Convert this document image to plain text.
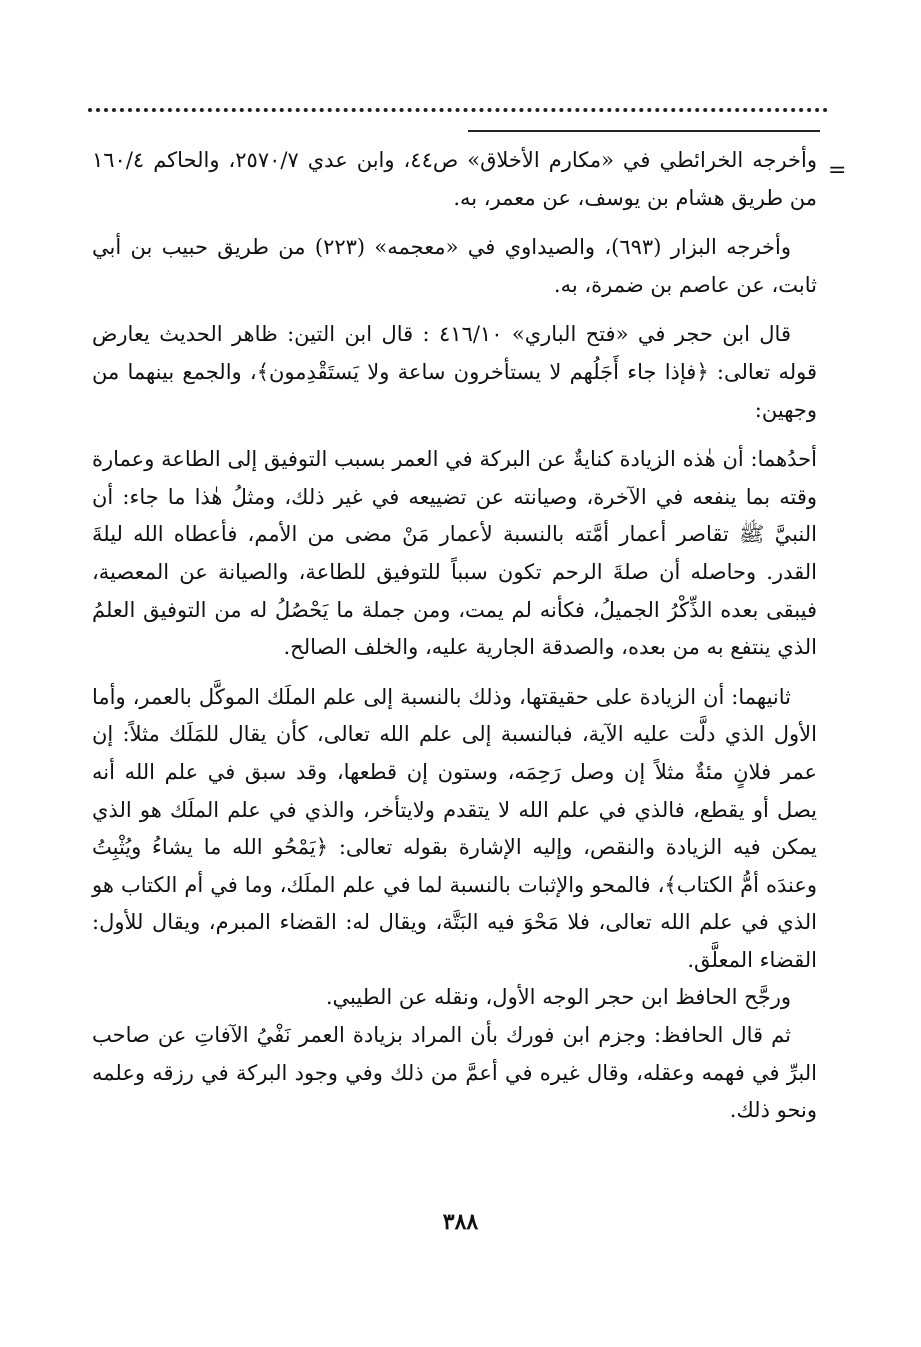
=

وأخرجه الخرائطي في «مكارم الأخلاق» ص٤٤، وابن عدي ٢٥٧٠/٧، والحاكم ١٦٠/٤ من طريق هشام بن يوسف، عن معمر، به.

وأخرجه البزار (٦٩٣)، والصيداوي في «معجمه» (٢٢٣) من طريق حبيب بن أبي ثابت، عن عاصم بن ضمرة، به.

قال ابن حجر في «فتح الباري» ٤١٦/١٠ : قال ابن التين: ظاهر الحديث يعارض قوله تعالى: ﴿فإذا جاء أَجَلُهم لا يستأخرون ساعة ولا يَستَقْدِمون﴾، والجمع بينهما من وجهين:

أحدُهما: أن هٰذه الزيادة كنايةٌ عن البركة في العمر بسبب التوفيق إلى الطاعة وعمارة وقته بما ينفعه في الآخرة، وصيانته عن تضييعه في غير ذلك، ومثلُ هٰذا ما جاء: أن النبيَّ ﷺ تقاصر أعمار أمَّته بالنسبة لأعمار مَنْ مضى من الأمم، فأعطاه الله ليلةَ القدر. وحاصله أن صلةَ الرحم تكون سبباً للتوفيق للطاعة، والصيانة عن المعصية، فيبقى بعده الذِّكْرُ الجميلُ، فكأنه لم يمت، ومن جملة ما يَحْصُلُ له من التوفيق العلمُ الذي ينتفع به من بعده، والصدقة الجارية عليه، والخلف الصالح.

ثانيهما: أن الزيادة على حقيقتها، وذلك بالنسبة إلى علم الملَك الموكَّل بالعمر، وأما الأول الذي دلَّت عليه الآية، فبالنسبة إلى علم الله تعالى، كأن يقال للمَلَك مثلاً: إن عمر فلانٍ مئةٌ مثلاً إن وصل رَحِمَه، وستون إن قطعها، وقد سبق في علم الله أنه يصل أو يقطع، فالذي في علم الله لا يتقدم ولايتأخر، والذي في علم الملَك هو الذي يمكن فيه الزيادة والنقص، وإليه الإشارة بقوله تعالى: ﴿يَمْحُو الله ما يشاءُ ويُثْبِتُ وعندَه أمُّ الكتاب﴾، فالمحو والإثبات بالنسبة لما في علم الملَك، وما في أم الكتاب هو الذي في علم الله تعالى، فلا مَحْوَ فيه البَتَّة، ويقال له: القضاء المبرم، ويقال للأول: القضاء المعلَّق.

ورجَّح الحافظ ابن حجر الوجه الأول، ونقله عن الطيبي.

ثم قال الحافظ: وجزم ابن فورك بأن المراد بزيادة العمر نَفْيُ الآفاتِ عن صاحب البرِّ في فهمه وعقله، وقال غيره في أعمَّ من ذلك وفي وجود البركة في رزقه وعلمه ونحو ذلك.

٣٨٨
